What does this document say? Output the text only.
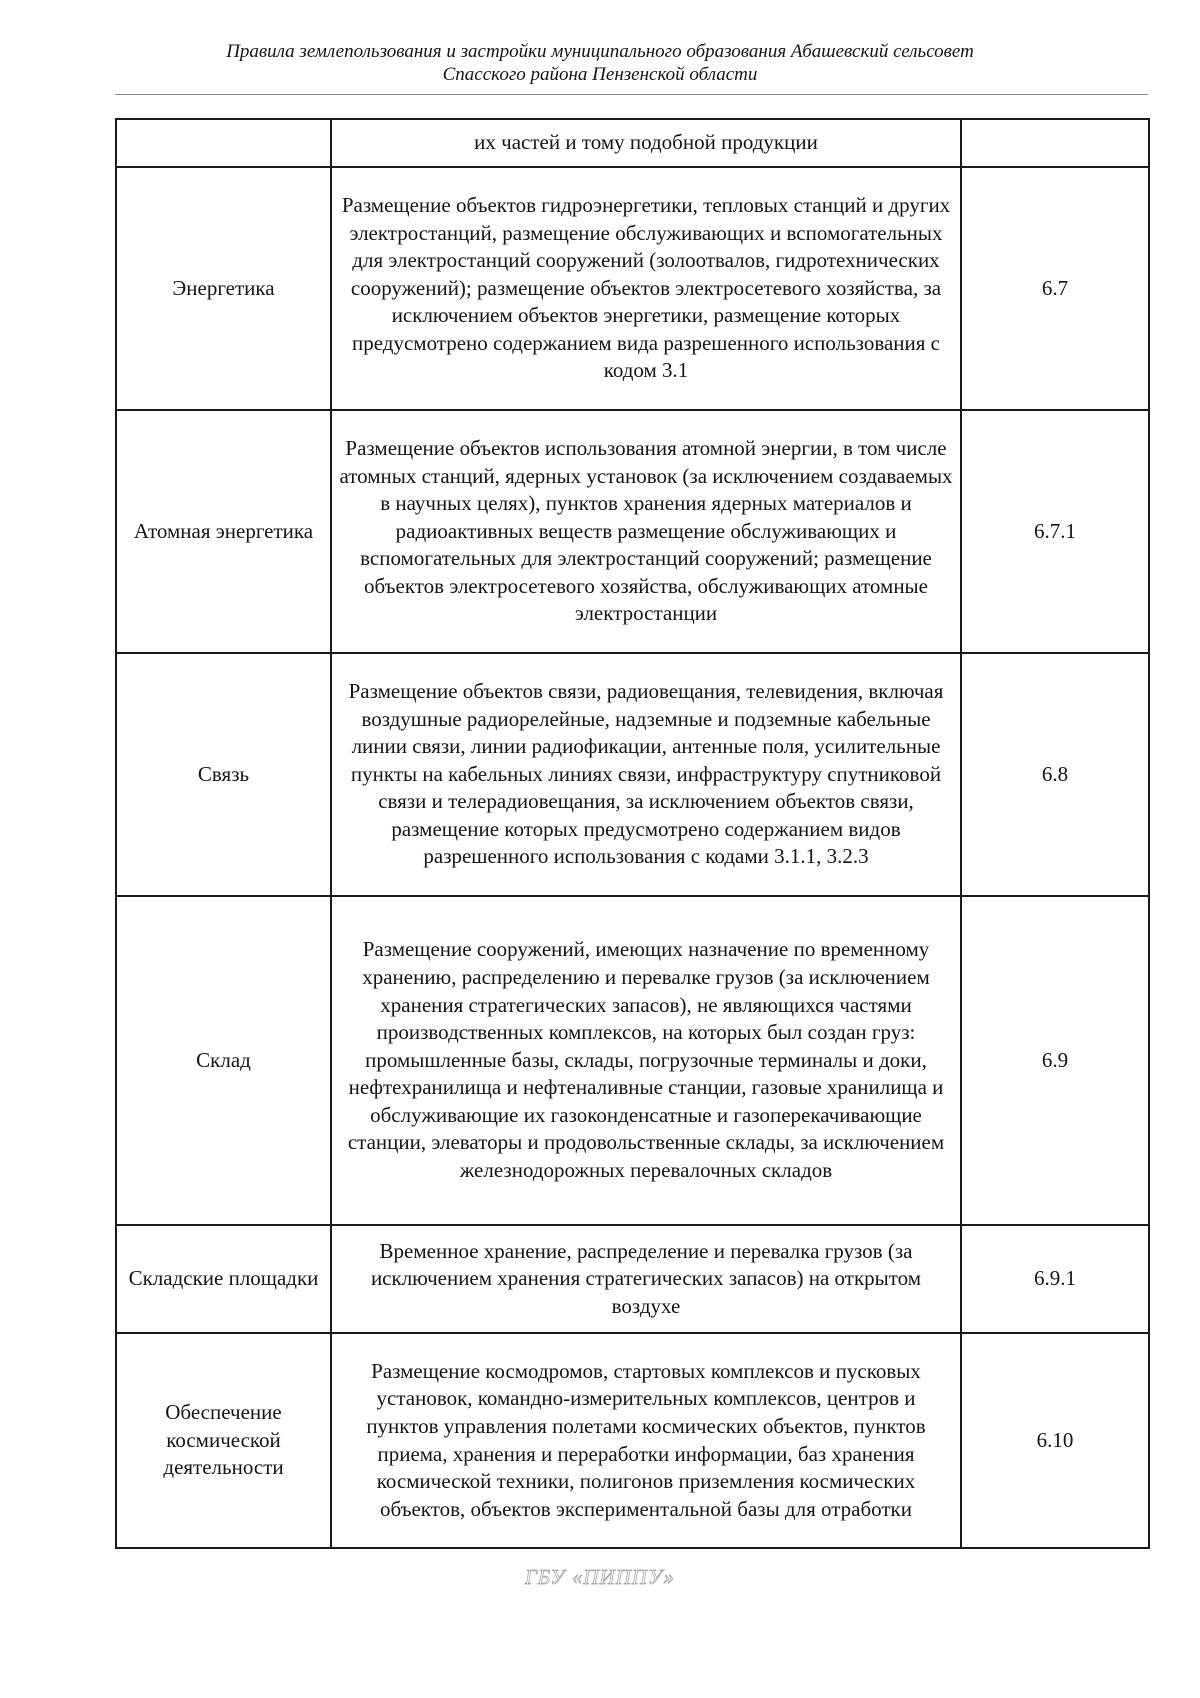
Правила землепользования и застройки муниципального образования Абашевский сельсовет
Спасского района Пензенской области
	их частей и тому подобной продукции	
Энергетика	Размещение объектов гидроэнергетики, тепловых станций и других электростанций, размещение обслуживающих и вспомогательных для электростанций сооружений (золоотвалов, гидротехнических сооружений); размещение объектов электросетевого хозяйства, за исключением объектов энергетики, размещение которых предусмотрено содержанием вида разрешенного использования с кодом 3.1	6.7
Атомная энергетика	Размещение объектов использования атомной энергии, в том числе атомных станций, ядерных установок (за исключением создаваемых в научных целях), пунктов хранения ядерных материалов и радиоактивных веществ размещение обслуживающих и вспомогательных для электростанций сооружений; размещение объектов электросетевого хозяйства, обслуживающих атомные электростанции	6.7.1
Связь	Размещение объектов связи, радиовещания, телевидения, включая воздушные радиорелейные, надземные и подземные кабельные линии связи, линии радиофикации, антенные поля, усилительные пункты на кабельных линиях связи, инфраструктуру спутниковой связи и телерадиовещания, за исключением объектов связи, размещение которых предусмотрено содержанием видов разрешенного использования с кодами 3.1.1, 3.2.3	6.8
Склад	Размещение сооружений, имеющих назначение по временному хранению, распределению и перевалке грузов (за исключением хранения стратегических запасов), не являющихся частями производственных комплексов, на которых был создан груз: промышленные базы, склады, погрузочные терминалы и доки, нефтехранилища и нефтеналивные станции, газовые хранилища и обслуживающие их газоконденсатные и газоперекачивающие станции, элеваторы и продовольственные склады, за исключением железнодорожных перевалочных складов	6.9
Складские площадки	Временное хранение, распределение и перевалка грузов (за исключением хранения стратегических запасов) на открытом воздухе	6.9.1
Обеспечение космической деятельности	Размещение космодромов, стартовых комплексов и пусковых установок, командно-измерительных комплексов, центров и пунктов управления полетами космических объектов, пунктов приема, хранения и переработки информации, баз хранения космической техники, полигонов приземления космических объектов, объектов экспериментальной базы для отработки	6.10
ГБУ «ПИППУ»
